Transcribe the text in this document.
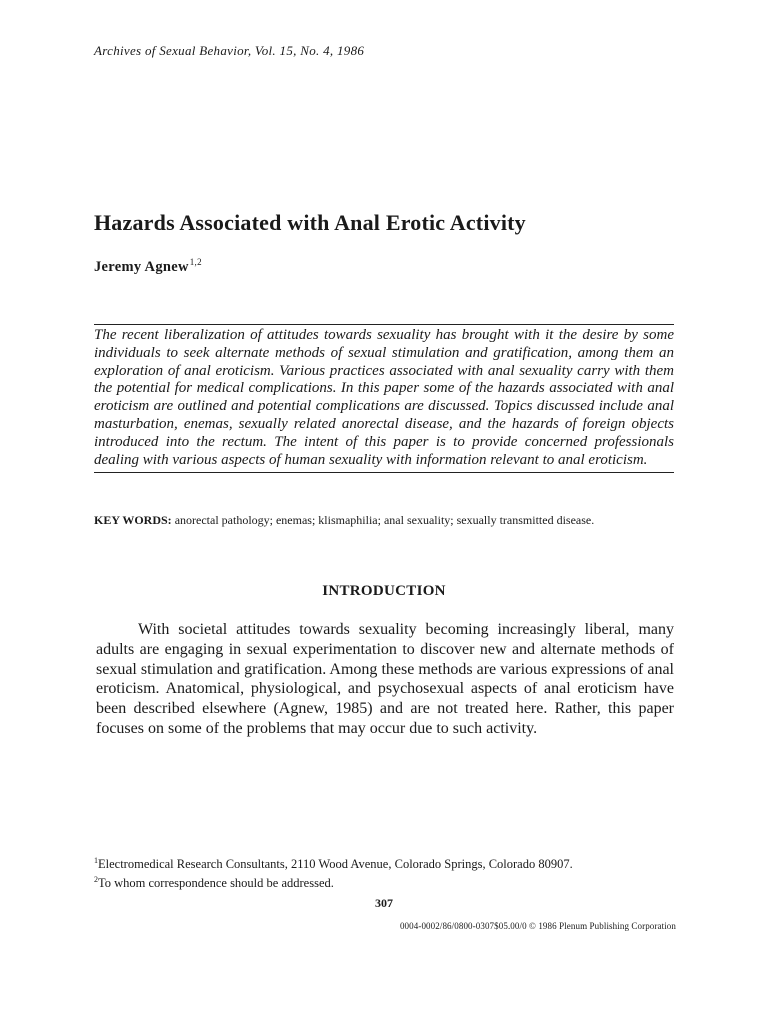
Archives of Sexual Behavior, Vol. 15, No. 4, 1986
Hazards Associated with Anal Erotic Activity
Jeremy Agnew$^{1,2}$

The recent liberalization of attitudes towards sexuality has brought with it the desire by some individuals to seek alternate methods of sexual stimulation and gratification, among them an exploration of anal eroticism. Various practices associated with anal sexuality carry with them the potential for medical complications. In this paper some of the hazards associated with anal eroticism are outlined and potential complications are discussed. Topics discussed include anal masturbation, enemas, sexually related anorectal disease, and the hazards of foreign objects introduced into the rectum. The intent of this paper is to provide concerned professionals dealing with various aspects of human sexuality with information relevant to anal eroticism.

KEY WORDS: anorectal pathology; enemas; klismaphilia; anal sexuality; sexually transmitted disease.

INTRODUCTION

With societal attitudes towards sexuality becoming increasingly liberal, many adults are engaging in sexual experimentation to discover new and alternate methods of sexual stimulation and gratification. Among these methods are various expressions of anal eroticism. Anatomical, physiological, and psychosexual aspects of anal eroticism have been described elsewhere (Agnew, 1985) and are not treated here. Rather, this paper focuses on some of the problems that may occur due to such activity.

$^1$Electromedical Research Consultants, 2110 Wood Avenue, Colorado Springs, Colorado 80907.

$^2$To whom correspondence should be addressed.

307
0004-0002/86/0800-0307$05.00/0 © 1986 Plenum Publishing Corporation
